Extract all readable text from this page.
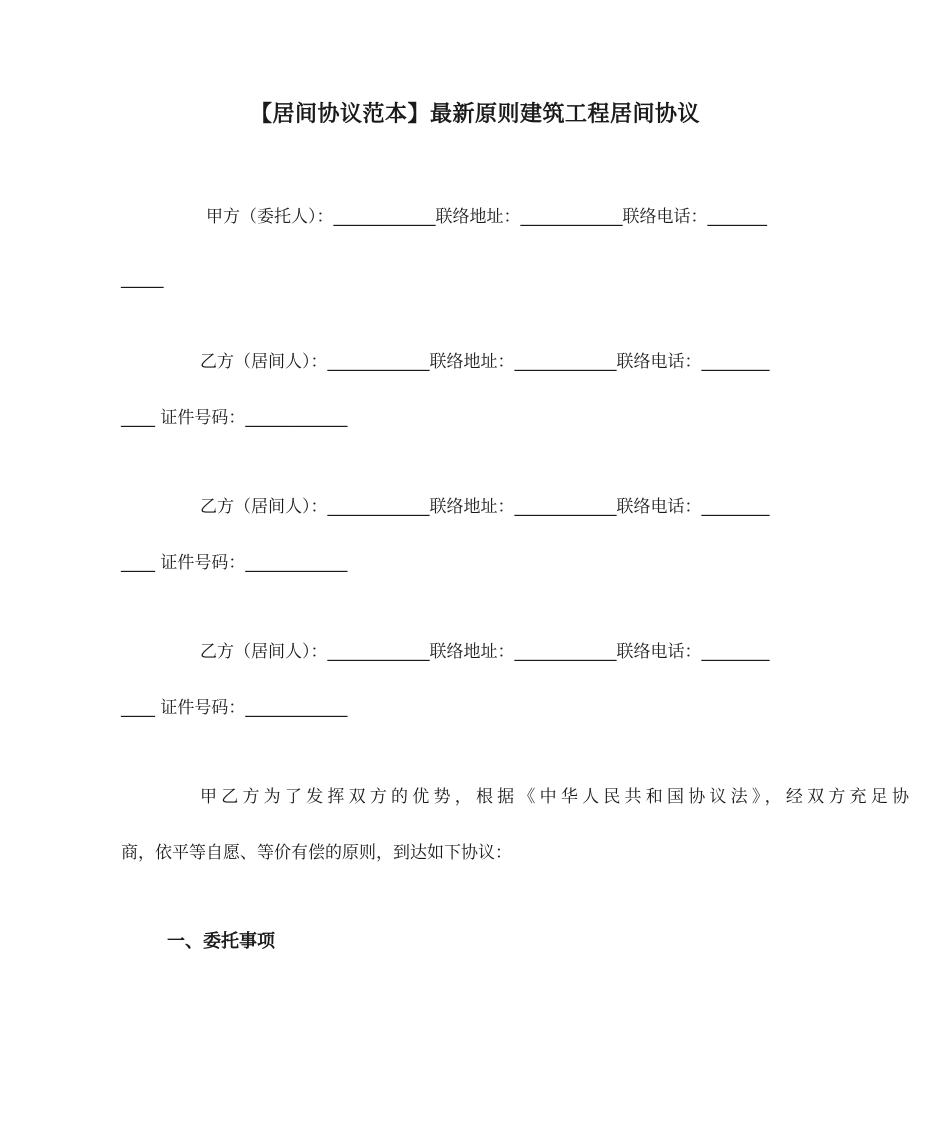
【居间协议范本】最新原则建筑工程居间协议
甲方（委托人）：____________联络地址：____________联络电话：_______
_____
乙方（居间人）：____________联络地址：____________联络电话：________
____ 证件号码：____________
乙方（居间人）：____________联络地址：____________联络电话：________
____ 证件号码：____________
乙方（居间人）：____________联络地址：____________联络电话：________
____ 证件号码：____________
甲乙方为了发挥双方的优势，根据《中华人民共和国协议法》，经双方充足协
商，依平等自愿、等价有偿的原则，到达如下协议：
一、委托事项
